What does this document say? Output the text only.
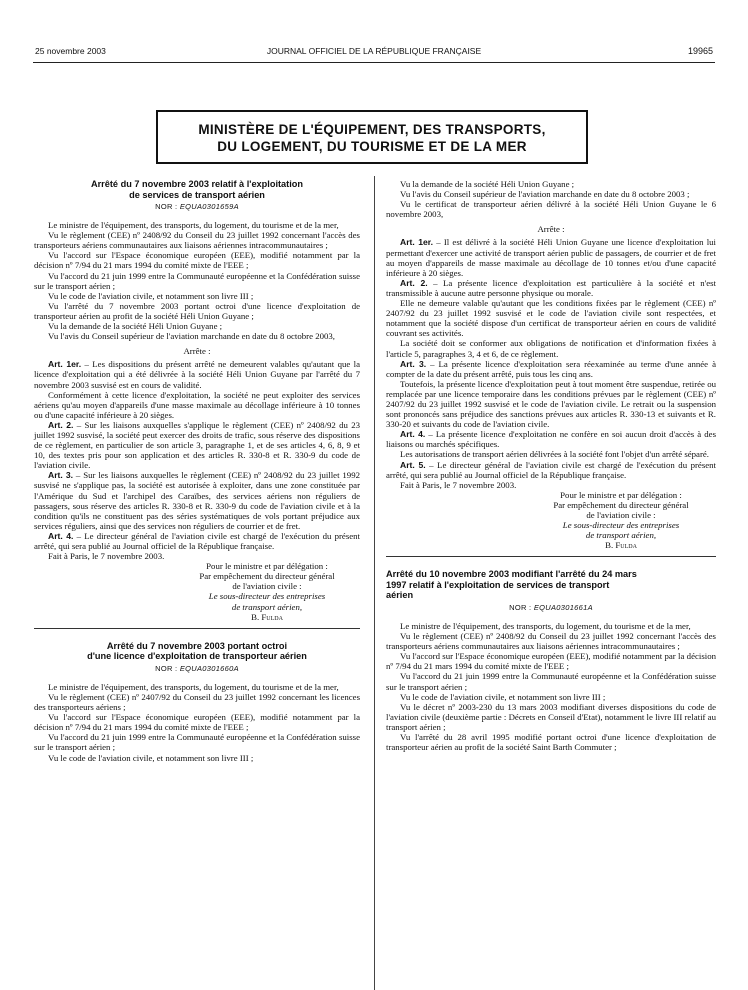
25 novembre 2003	JOURNAL OFFICIEL DE LA RÉPUBLIQUE FRANÇAISE	19965
MINISTÈRE DE L'ÉQUIPEMENT, DES TRANSPORTS,
DU LOGEMENT, DU TOURISME ET DE LA MER
Arrêté du 7 novembre 2003 relatif à l'exploitation
de services de transport aérien
NOR : EQUA0301659A

Le ministre de l'équipement, des transports, du logement, du tourisme et de la mer,

Vu le règlement (CEE) nº 2408/92 du Conseil du 23 juillet 1992 concernant l'accès des transporteurs aériens communautaires aux liaisons aériennes intracommunautaires ;

Vu l'accord sur l'Espace économique européen (EEE), modifié notamment par la décision nº 7/94 du 21 mars 1994 du comité mixte de l'EEE ;

Vu l'accord du 21 juin 1999 entre la Communauté européenne et la Confédération suisse sur le transport aérien ;

Vu le code de l'aviation civile, et notamment son livre III ;

Vu l'arrêté du 7 novembre 2003 portant octroi d'une licence d'exploitation de transporteur aérien au profit de la société Héli Union Guyane ;

Vu la demande de la société Héli Union Guyane ;

Vu l'avis du Conseil supérieur de l'aviation marchande en date du 8 octobre 2003,

Arrête :

Art. 1er. – Les dispositions du présent arrêté ne demeurent valables qu'autant que la licence d'exploitation qui a été délivrée à la société Héli Union Guyane par l'arrêté du 7 novembre 2003 susvisé est en cours de validité.

Conformément à cette licence d'exploitation, la société ne peut exploiter des services aériens qu'au moyen d'appareils d'une masse maximale au décollage inférieure à 10 tonnes ou d'une capacité inférieure à 20 sièges.

Art. 2. – Sur les liaisons auxquelles s'applique le règlement (CEE) nº 2408/92 du 23 juillet 1992 susvisé, la société peut exercer des droits de trafic, sous réserve des dispositions de ce règlement, en particulier de son article 3, paragraphe 1, et de ses articles 4, 6, 8, 9 et 10, des textes pris pour son application et des articles R. 330-8 et R. 330-9 du code de l'aviation civile.

Art. 3. – Sur les liaisons auxquelles le règlement (CEE) nº 2408/92 du 23 juillet 1992 susvisé ne s'applique pas, la société est autorisée à exploiter, dans une zone constituée par l'Amérique du Sud et l'archipel des Caraïbes, des services aériens non réguliers de passagers, sous réserve des articles R. 330-8 et R. 330-9 du code de l'aviation civile et à la condition qu'ils ne constituent pas des séries systématiques de vols portant préjudice aux services réguliers, ainsi que des services non réguliers de courrier et de fret.

Art. 4. – Le directeur général de l'aviation civile est chargé de l'exécution du présent arrêté, qui sera publié au Journal officiel de la République française.

Fait à Paris, le 7 novembre 2003.

Pour le ministre et par délégation :
Par empêchement du directeur général
de l'aviation civile :
Le sous-directeur des entreprises
de transport aérien,
B. Fulda
Arrêté du 7 novembre 2003 portant octroi
d'une licence d'exploitation de transporteur aérien
NOR : EQUA0301660A

Le ministre de l'équipement, des transports, du logement, du tourisme et de la mer,

Vu le règlement (CEE) nº 2407/92 du Conseil du 23 juillet 1992 concernant les licences des transporteurs aériens ;

Vu l'accord sur l'Espace économique européen (EEE), modifié notamment par la décision nº 7/94 du 21 mars 1994 du comité mixte de l'EEE ;

Vu l'accord du 21 juin 1999 entre la Communauté européenne et la Confédération suisse sur le transport aérien ;

Vu le code de l'aviation civile, et notamment son livre III ;

Vu la demande de la société Héli Union Guyane ;

Vu l'avis du Conseil supérieur de l'aviation marchande en date du 8 octobre 2003 ;

Vu le certificat de transporteur aérien délivré à la société Héli Union Guyane le 6 novembre 2003,

Arrête :

Art. 1er. – Il est délivré à la société Héli Union Guyane une licence d'exploitation lui permettant d'exercer une activité de transport aérien public de passagers, de courrier et de fret au moyen d'appareils de masse maximale au décollage de 10 tonnes et/ou d'une capacité inférieure à 20 sièges.

Art. 2. – La présente licence d'exploitation est particulière à la société et n'est transmissible à aucune autre personne physique ou morale.

Elle ne demeure valable qu'autant que les conditions fixées par le règlement (CEE) nº 2407/92 du 23 juillet 1992 susvisé et le code de l'aviation civile sont respectées, et notamment que la société dispose d'un certificat de transporteur aérien en cours de validité couvrant ses activités.

La société doit se conformer aux obligations de notification et d'information fixées à l'article 5, paragraphes 3, 4 et 6, de ce règlement.

Art. 3. – La présente licence d'exploitation sera réexaminée au terme d'une année à compter de la date du présent arrêté, puis tous les cinq ans.

Toutefois, la présente licence d'exploitation peut à tout moment être suspendue, retirée ou remplacée par une licence temporaire dans les conditions prévues par le règlement (CEE) nº 2407/92 du 23 juillet 1992 susvisé et le code de l'aviation civile. Le retrait ou la suspension sont prononcés sans préjudice des sanctions prévues aux articles R. 330-13 et suivants et R. 330-20 et suivants du code de l'aviation civile.

Art. 4. – La présente licence d'exploitation ne confère en soi aucun droit d'accès à des liaisons ou marchés spécifiques.

Les autorisations de transport aérien délivrées à la société font l'objet d'un arrêté séparé.

Art. 5. – Le directeur général de l'aviation civile est chargé de l'exécution du présent arrêté, qui sera publié au Journal officiel de la République française.

Fait à Paris, le 7 novembre 2003.

Pour le ministre et par délégation :
Par empêchement du directeur général
de l'aviation civile :
Le sous-directeur des entreprises
de transport aérien,
B. Fulda
Arrêté du 10 novembre 2003 modifiant l'arrêté du 24 mars
1997 relatif à l'exploitation de services de transport
aérien
NOR : EQUA0301661A

Le ministre de l'équipement, des transports, du logement, du tourisme et de la mer,

Vu le règlement (CEE) nº 2408/92 du Conseil du 23 juillet 1992 concernant l'accès des transporteurs aériens communautaires aux liaisons aériennes intracommunautaires ;

Vu l'accord sur l'Espace économique européen (EEE), modifié notamment par la décision nº 7/94 du 21 mars 1994 du comité mixte de l'EEE ;

Vu l'accord du 21 juin 1999 entre la Communauté européenne et la Confédération suisse sur le transport aérien ;

Vu le code de l'aviation civile, et notamment son livre III ;

Vu le décret nº 2003-230 du 13 mars 2003 modifiant diverses dispositions du code de l'aviation civile (deuxième partie : Décrets en Conseil d'Etat), notamment le livre III relatif au transport aérien ;

Vu l'arrêté du 28 avril 1995 modifié portant octroi d'une licence d'exploitation de transporteur aérien au profit de la société Saint Barth Commuter ;
